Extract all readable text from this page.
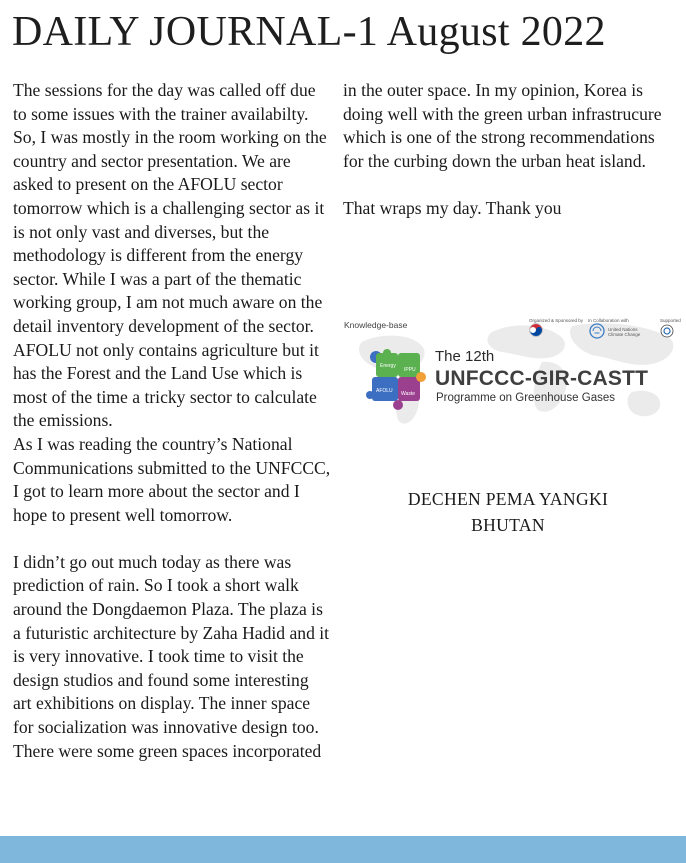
DAILY JOURNAL-1 August 2022

The sessions for the day was called off due to some issues with the trainer availabilty. So, I was mostly in the room working on the country and sector presentation. We are asked to present on the AFOLU sector tomorrow which is a challenging sector as it is not only vast and diverses, but the methodology is different from the energy sector. While I was a part of the thematic working group, I am not much aware on the detail inventory development of the sector. AFOLU not only contains agriculture but it has the Forest and the Land Use which is most of the time a tricky sector to calculate the emissions.

As I was reading the country’s National Communications submitted to the UNFCCC, I got to learn more about the sector and I hope to present well tomorrow.

I didn’t go out much today as there was prediction of rain. So I took a short walk around the Dongdaemon Plaza. The plaza is a futuristic architecture by Zaha Hadid and it is very innovative. I took time to visit the design studios and found some interesting art exhibitions on display. The inner space for socialization was innovative design too. There were some green spaces incorporated

in the outer space. In my opinion, Korea is doing well with the green urban infrastrucure which is one of the strong recommendations for the curbing down the urban heat island.

That wraps my day. Thank you

Knowledge-base	Organized & Sponsored by In Collaboration with
United Nations Climate Change
Supported
Energy
IPPU
AFOLU Waste
The 12th
UNFCCC-GIR-CASTT
Programme on Greenhouse Gases
DECHEN PEMA YANGKI
BHUTAN
